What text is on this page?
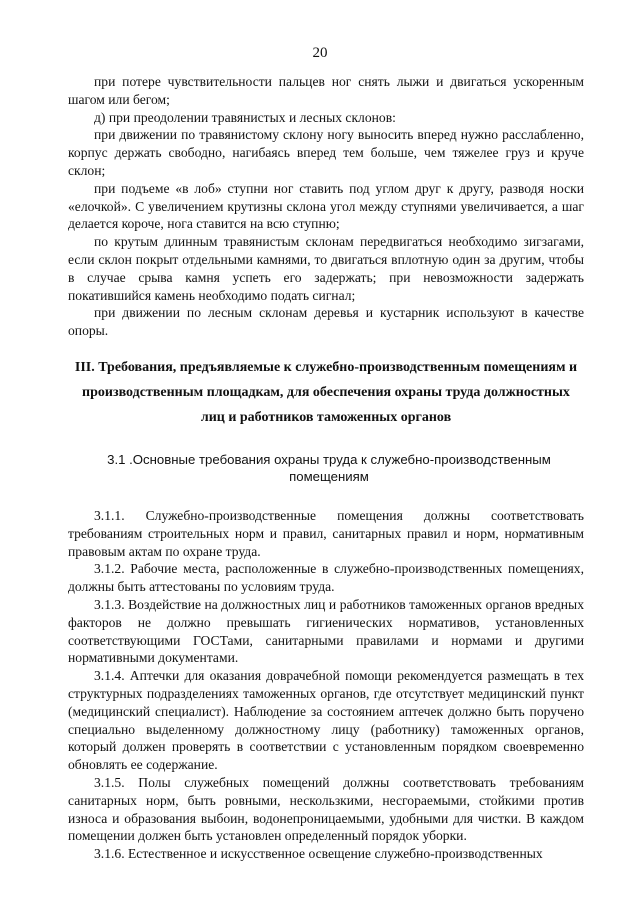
20

при потере чувствительности пальцев ног снять лыжи и двигаться ускоренным шагом или бегом;

д) при преодолении травянистых и лесных склонов:

при движении по травянистому склону ногу выносить вперед нужно расслабленно, корпус держать свободно, нагибаясь вперед тем больше, чем тяжелее груз и круче склон;

при подъеме «в лоб» ступни ног ставить под углом друг к другу, разводя носки «елочкой». С увеличением крутизны склона угол между ступнями увеличивается, а шаг делается короче, нога ставится на всю ступню;

по крутым длинным травянистым склонам передвигаться необходимо зигзагами, если склон покрыт отдельными камнями, то двигаться вплотную один за другим, чтобы в случае срыва камня успеть его задержать; при невозможности задержать покатившийся камень необходимо подать сигнал;

при движении по лесным склонам деревья и кустарник используют в качестве опоры.

III. Требования, предъявляемые к служебно-производственным помещениям и производственным площадкам, для обеспечения охраны труда должностных лиц и работников таможенных органов
3.1 .Основные требования охраны труда к служебно-производственным помещениям

3.1.1. Служебно-производственные помещения должны соответствовать требованиям строительных норм и правил, санитарных правил и норм, нормативным правовым актам по охране труда.

3.1.2. Рабочие места, расположенные в служебно-производственных помещениях, должны быть аттестованы по условиям труда.

3.1.3. Воздействие на должностных лиц и работников таможенных органов вредных факторов не должно превышать гигиенических нормативов, установленных соответствующими ГОСТами, санитарными правилами и нормами и другими нормативными документами.

3.1.4. Аптечки для оказания доврачебной помощи рекомендуется размещать в тех структурных подразделениях таможенных органов, где отсутствует медицинский пункт (медицинский специалист). Наблюдение за состоянием аптечек должно быть поручено специально выделенному должностному лицу (работнику) таможенных органов, который должен проверять в соответствии с установленным порядком своевременно обновлять ее содержание.

3.1.5. Полы служебных помещений должны соответствовать требованиям санитарных норм, быть ровными, нескользкими, несгораемыми, стойкими против износа и образования выбоин, водонепроницаемыми, удобными для чистки. В каждом помещении должен быть установлен определенный порядок уборки.

3.1.6. Естественное и искусственное освещение служебно-производственных
